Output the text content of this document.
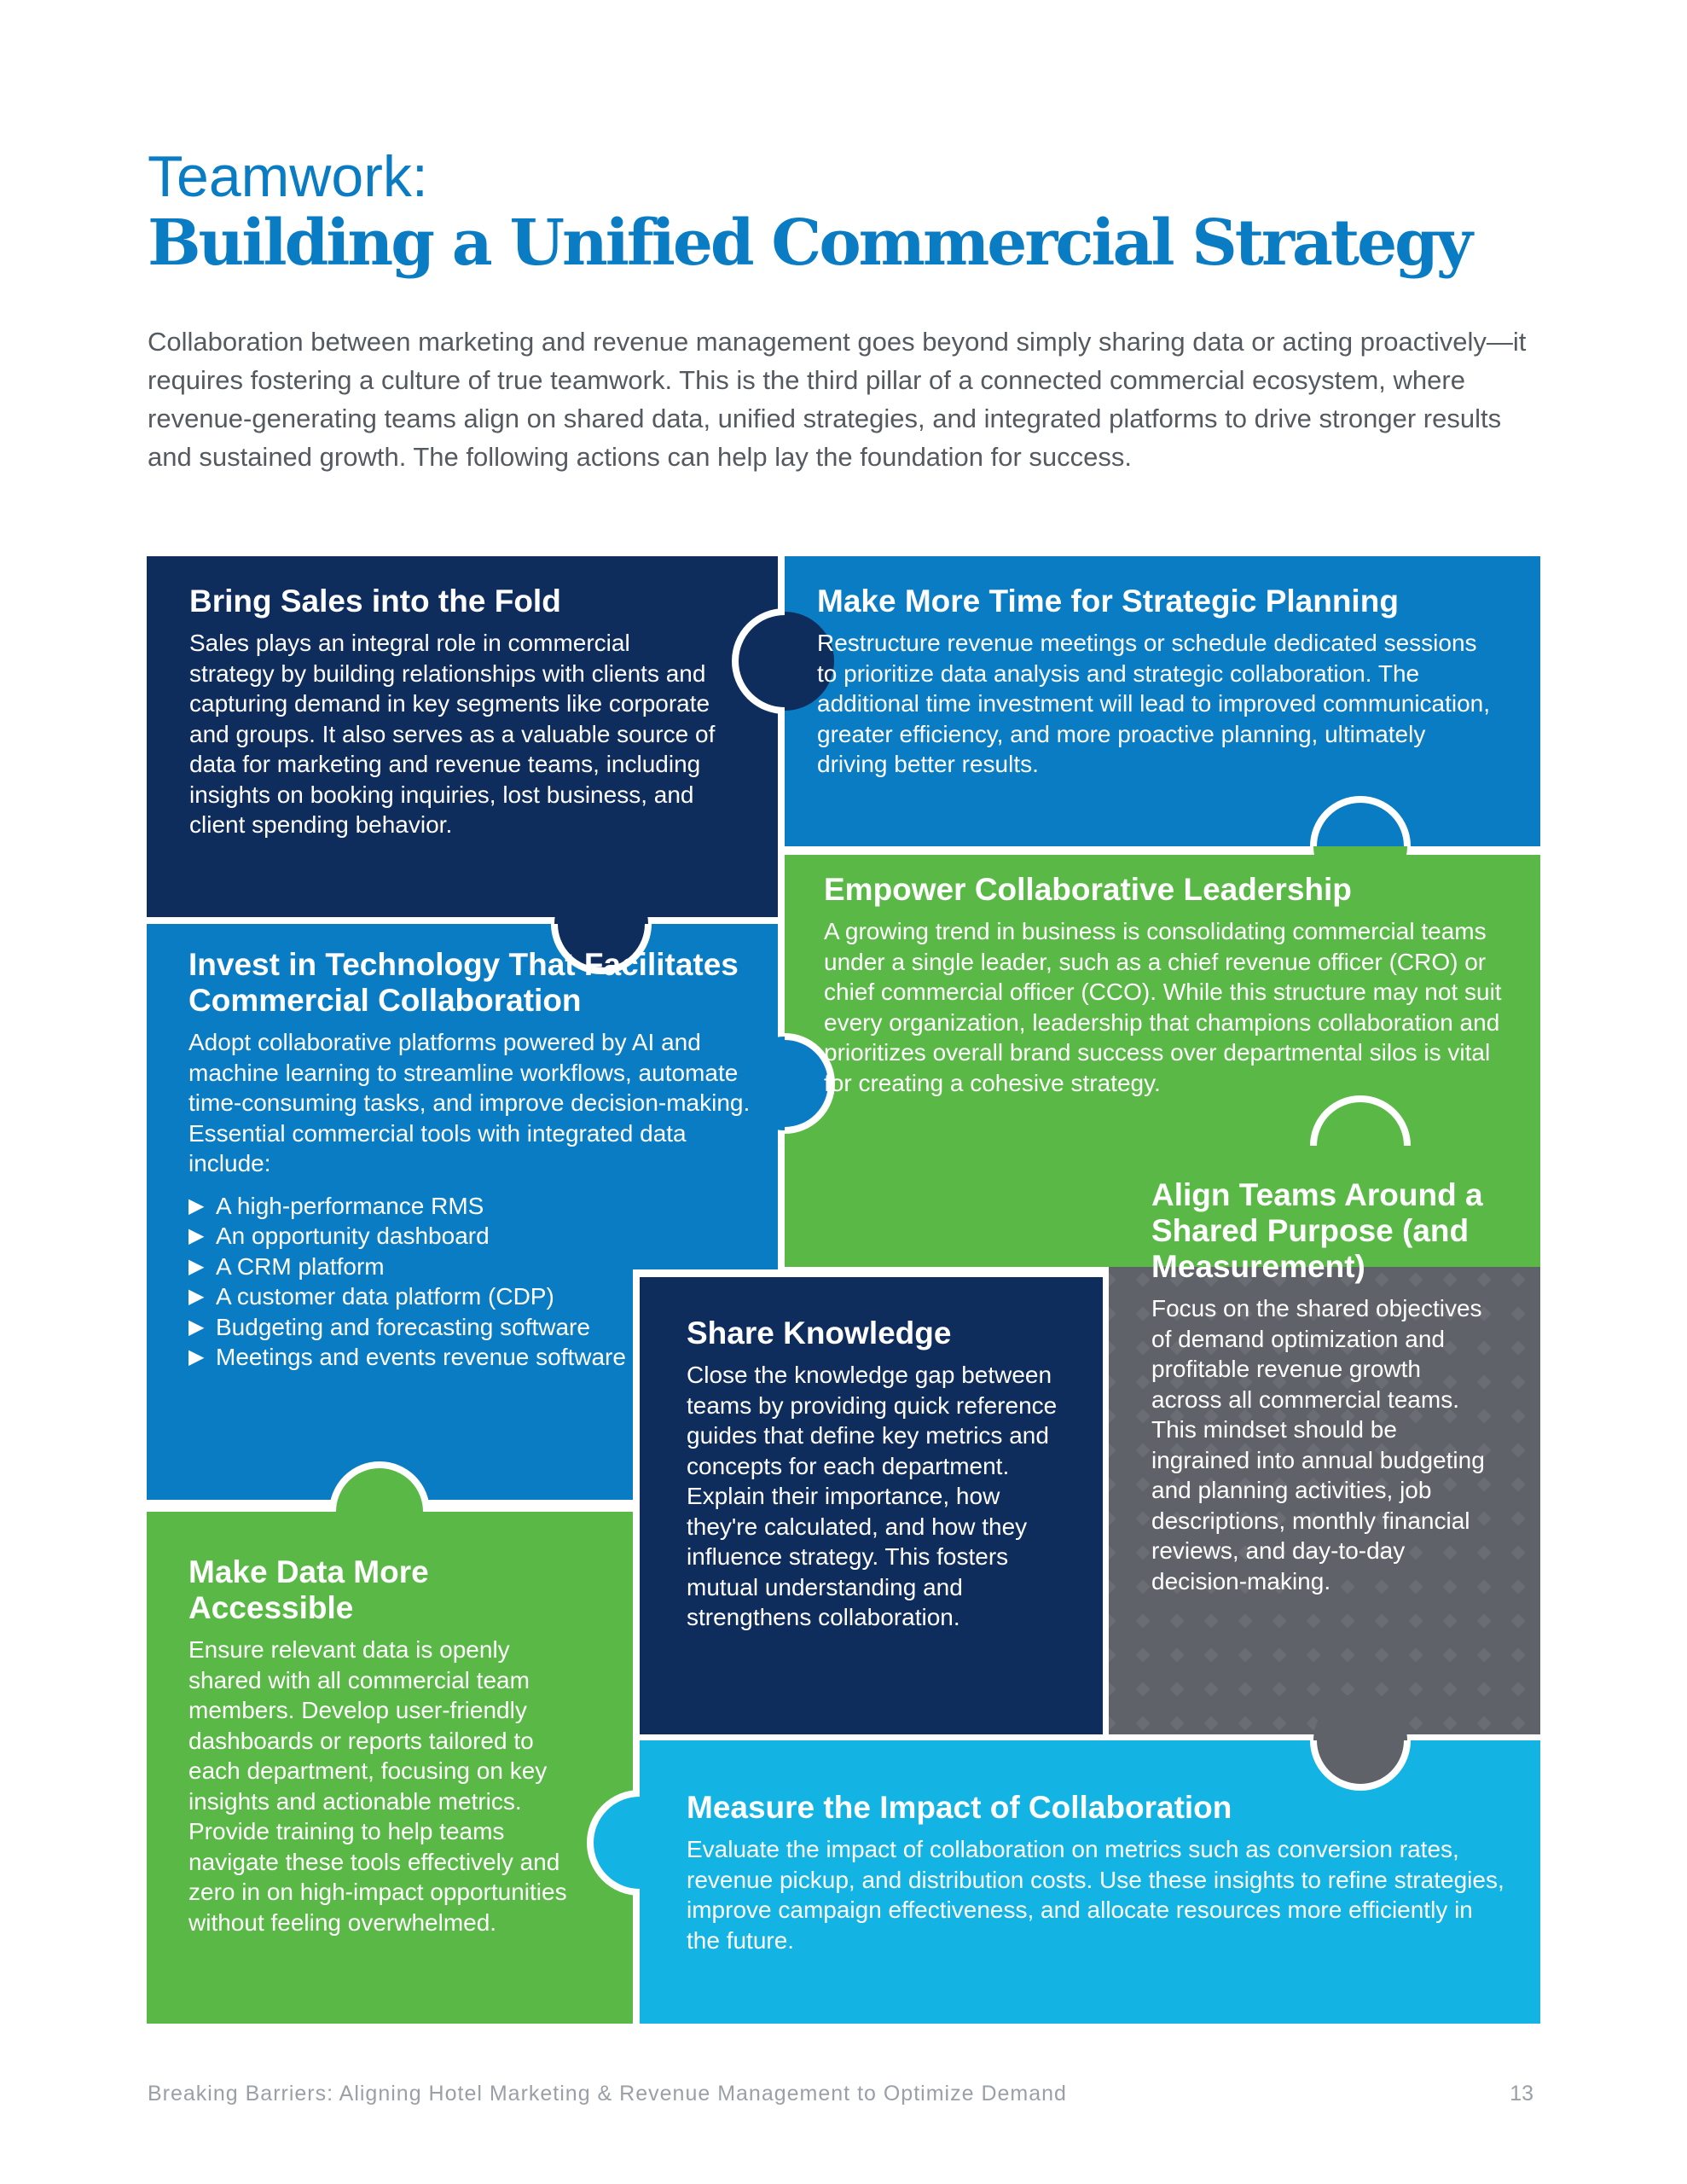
Teamwork:
Building a Unified Commercial Strategy

Collaboration between marketing and revenue management goes beyond simply sharing data or acting proactively—it requires fostering a culture of true teamwork. This is the third pillar of a connected commercial ecosystem, where revenue-generating teams align on shared data, unified strategies, and integrated platforms to drive stronger results and sustained growth. The following actions can help lay the foundation for success.

Bring Sales into the Fold

Sales plays an integral role in commercial strategy by building relationships with clients and capturing demand in key segments like corporate and groups. It also serves as a valuable source of data for marketing and revenue teams, including insights on booking inquiries, lost business, and client spending behavior.

Make More Time for Strategic Planning

Restructure revenue meetings or schedule dedicated sessions to prioritize data analysis and strategic collaboration. The additional time investment will lead to improved communication, greater efficiency, and more proactive planning, ultimately driving better results.

Empower Collaborative Leadership

A growing trend in business is consolidating commercial teams under a single leader, such as a chief revenue officer (CRO) or chief commercial officer (CCO). While this structure may not suit every organization, leadership that champions collaboration and prioritizes overall brand success over departmental silos is vital for creating a cohesive strategy.

Invest in Technology That Facilitates Commercial Collaboration

Adopt collaborative platforms powered by AI and machine learning to streamline workflows, automate time-consuming tasks, and improve decision-making. Essential commercial tools with integrated data include:

▶ A high-performance RMS
▶ An opportunity dashboard
▶ A CRM platform
▶ A customer data platform (CDP)
▶ Budgeting and forecasting software
▶ Meetings and events revenue software
Align Teams Around a Shared Purpose (and Measurement)

Focus on the shared objectives of demand optimization and profitable revenue growth across all commercial teams. This mindset should be ingrained into annual budgeting and planning activities, job descriptions, monthly financial reviews, and day-to-day decision-making.

Share Knowledge

Close the knowledge gap between teams by providing quick reference guides that define key metrics and concepts for each department. Explain their importance, how they're calculated, and how they influence strategy. This fosters mutual understanding and strengthens collaboration.

Make Data More Accessible

Ensure relevant data is openly shared with all commercial team members. Develop user-friendly dashboards or reports tailored to each department, focusing on key insights and actionable metrics. Provide training to help teams navigate these tools effectively and zero in on high-impact opportunities without feeling overwhelmed.

Measure the Impact of Collaboration

Evaluate the impact of collaboration on metrics such as conversion rates, revenue pickup, and distribution costs. Use these insights to refine strategies, improve campaign effectiveness, and allocate resources more efficiently in the future.

Breaking Barriers: Aligning Hotel Marketing & Revenue Management to Optimize Demand	13
